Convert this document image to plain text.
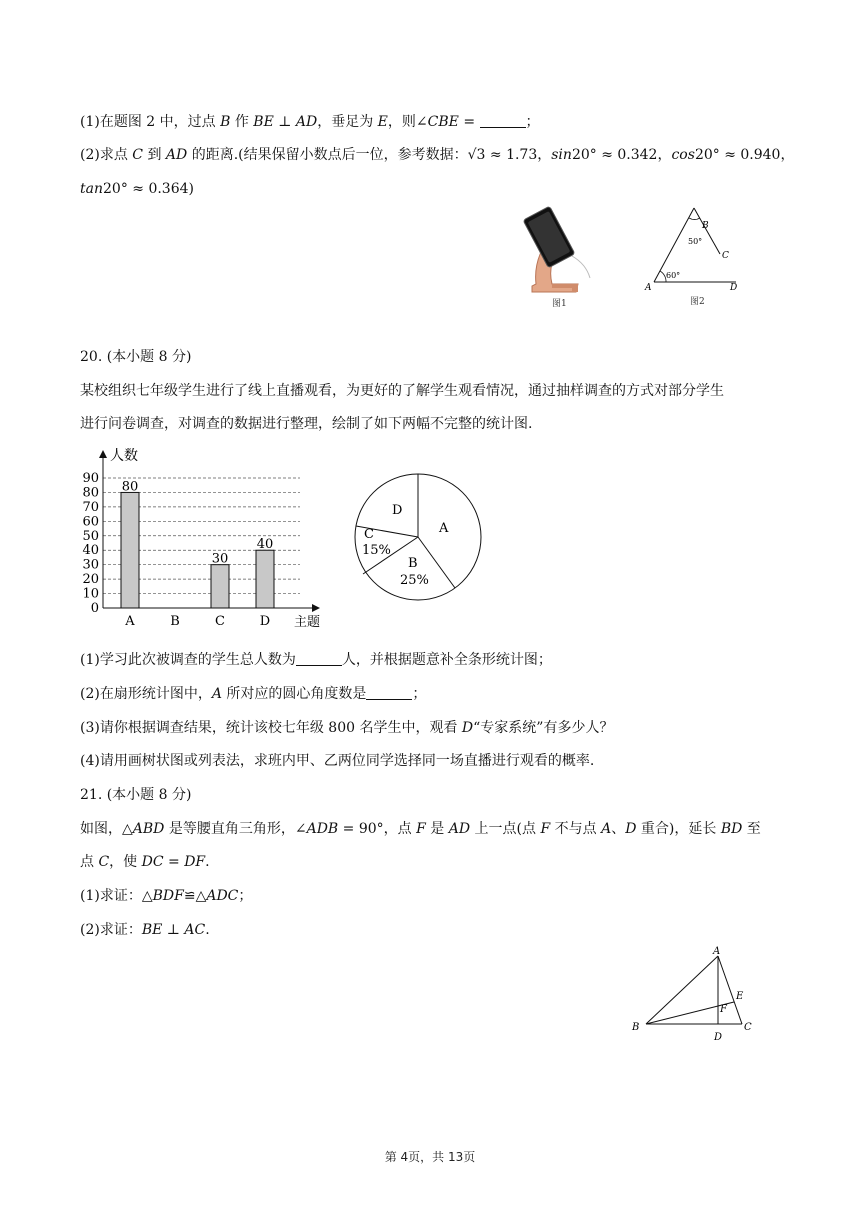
(1)在题图 2 中，过点 B 作 BE ⊥ AD，垂足为 E，则∠CBE =	；
(2)求点 C 到 AD 的距离.(结果保留小数点后一位，参考数据：√3 ≈ 1.73，sin20° ≈ 0.342，cos20° ≈ 0.940，
tan20° ≈ 0.364)
图1
B
C
A	D
50°
60°
图2
20. (本小题 8 分)
某校组织七年级学生进行了线上直播观看，为更好的了解学生观看情况，通过抽样调查的方式对部分学生
进行问卷调查，对调查的数据进行整理，绘制了如下两幅不完整的统计图.
0
10
20
30
40
50
60
70
80
90
80
30
40
A	B	C	D
人数
主题
A
B
25%
C
15%
D
(1)学习此次被调查的学生总人数为	人，并根据题意补全条形统计图；
(2)在扇形统计图中，A 所对应的圆心角度数是	；
(3)请你根据调查结果，统计该校七年级 800 名学生中，观看 D“专家系统”有多少人？
(4)请用画树状图或列表法，求班内甲、乙两位同学选择同一场直播进行观看的概率.
21. (本小题 8 分)
如图，△ABD 是等腰直角三角形，∠ADB = 90°，点 F 是 AD 上一点(点 F 不与点 A、D 重合)，延长 BD 至
点 C，使 DC = DF.
(1)求证：△BDF≌△ADC；
(2)求证：BE ⊥ AC.
A
E
F
B
D
C
第 4页，共 13页
